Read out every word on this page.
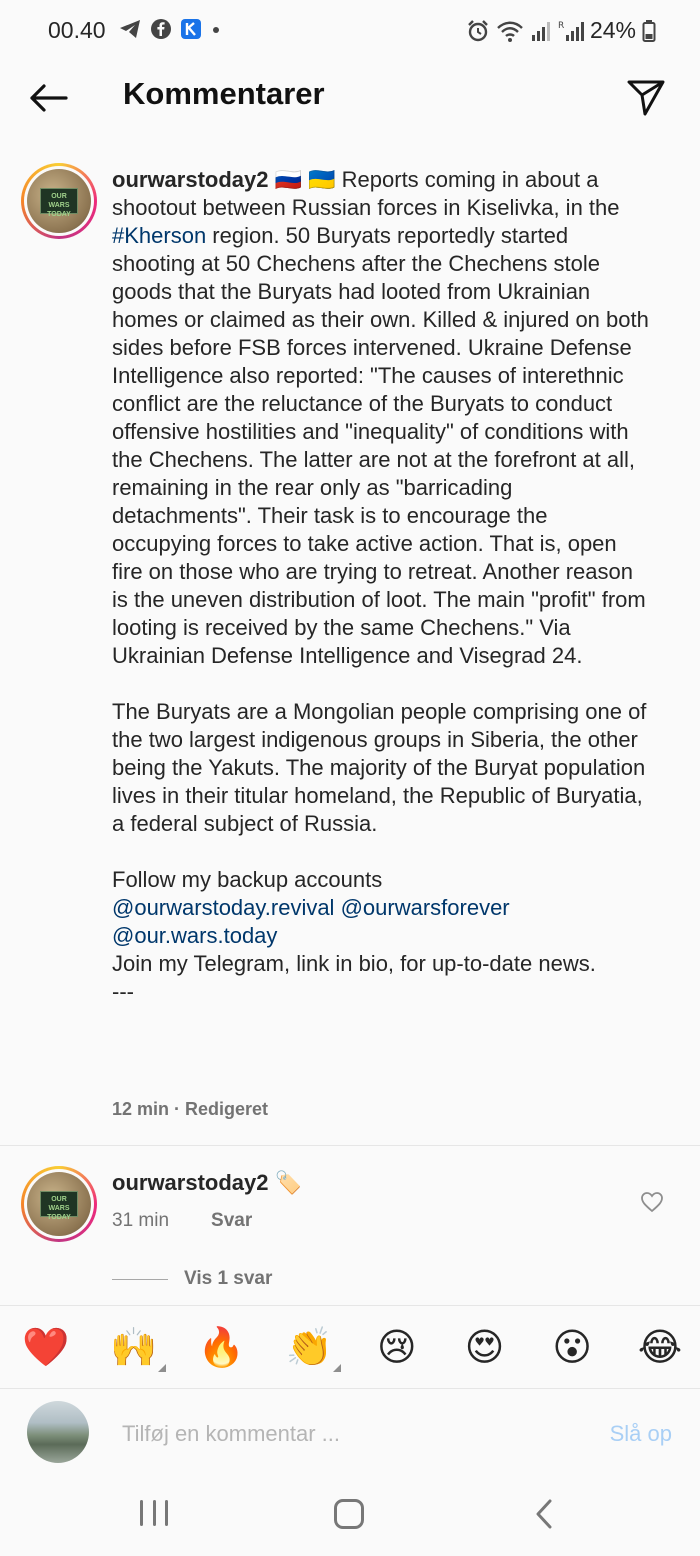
00.40	R 24%
Kommentarer
OUR WARS TODAY

ourwarstoday2 🇷🇺 🇺🇦 Reports coming in about a shootout between Russian forces in Kiselivka, in the #Kherson region. 50 Buryats reportedly started shooting at 50 Chechens after the Chechens stole goods that the Buryats had looted from Ukrainian homes or claimed as their own. Killed & injured on both sides before FSB forces intervened. Ukraine Defense Intelligence also reported: "The causes of interethnic conflict are the reluctance of the Buryats to conduct offensive hostilities and "inequality" of conditions with the Chechens. The latter are not at the forefront at all, remaining in the rear only as "barricading detachments". Their task is to encourage the occupying forces to take active action. That is, open fire on those who are trying to retreat. Another reason is the uneven distribution of loot. The main "profit" from looting is received by the same Chechens." Via Ukrainian Defense Intelligence and Visegrad 24.

The Buryats are a Mongolian people comprising one of the two largest indigenous groups in Siberia, the other being the Yakuts. The majority of the Buryat population lives in their titular homeland, the Republic of Buryatia, a federal subject of Russia.

Follow my backup accounts

@ourwarstoday.revival @ourwarsforever

@our.wars.today

Join my Telegram, link in bio, for up-to-date news.

---

12 min · Redigeret
OUR WARS TODAY
ourwarstoday2 🏷️
31 min Svar
Vis 1 svar
❤️ 🙌 🔥 👏 😢 😍 😮 😂
Tilføj en kommentar ...
Slå op
